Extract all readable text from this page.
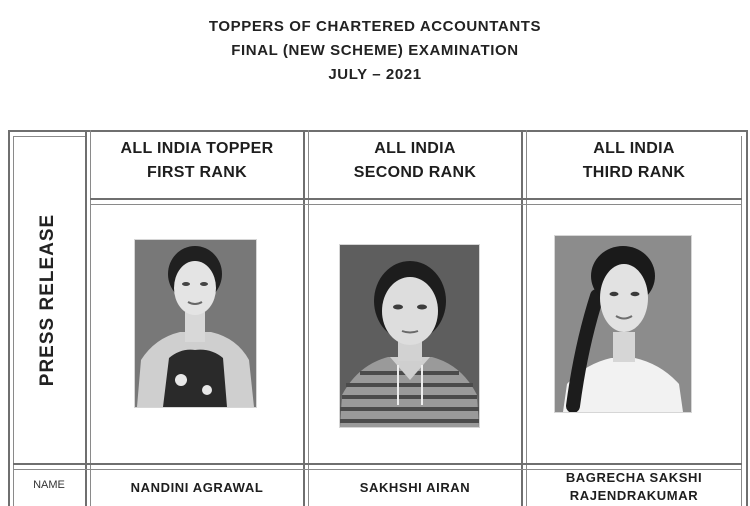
TOPPERS OF CHARTERED ACCOUNTANTS
FINAL (NEW SCHEME) EXAMINATION
JULY – 2021
PRESS RELEASE
ALL INDIA TOPPER
FIRST RANK
ALL INDIA
SECOND RANK
ALL INDIA
THIRD RANK
NAME	NANDINI AGRAWAL	SAKHSHI AIRAN
BAGRECHA SAKSHI
RAJENDRAKUMAR
